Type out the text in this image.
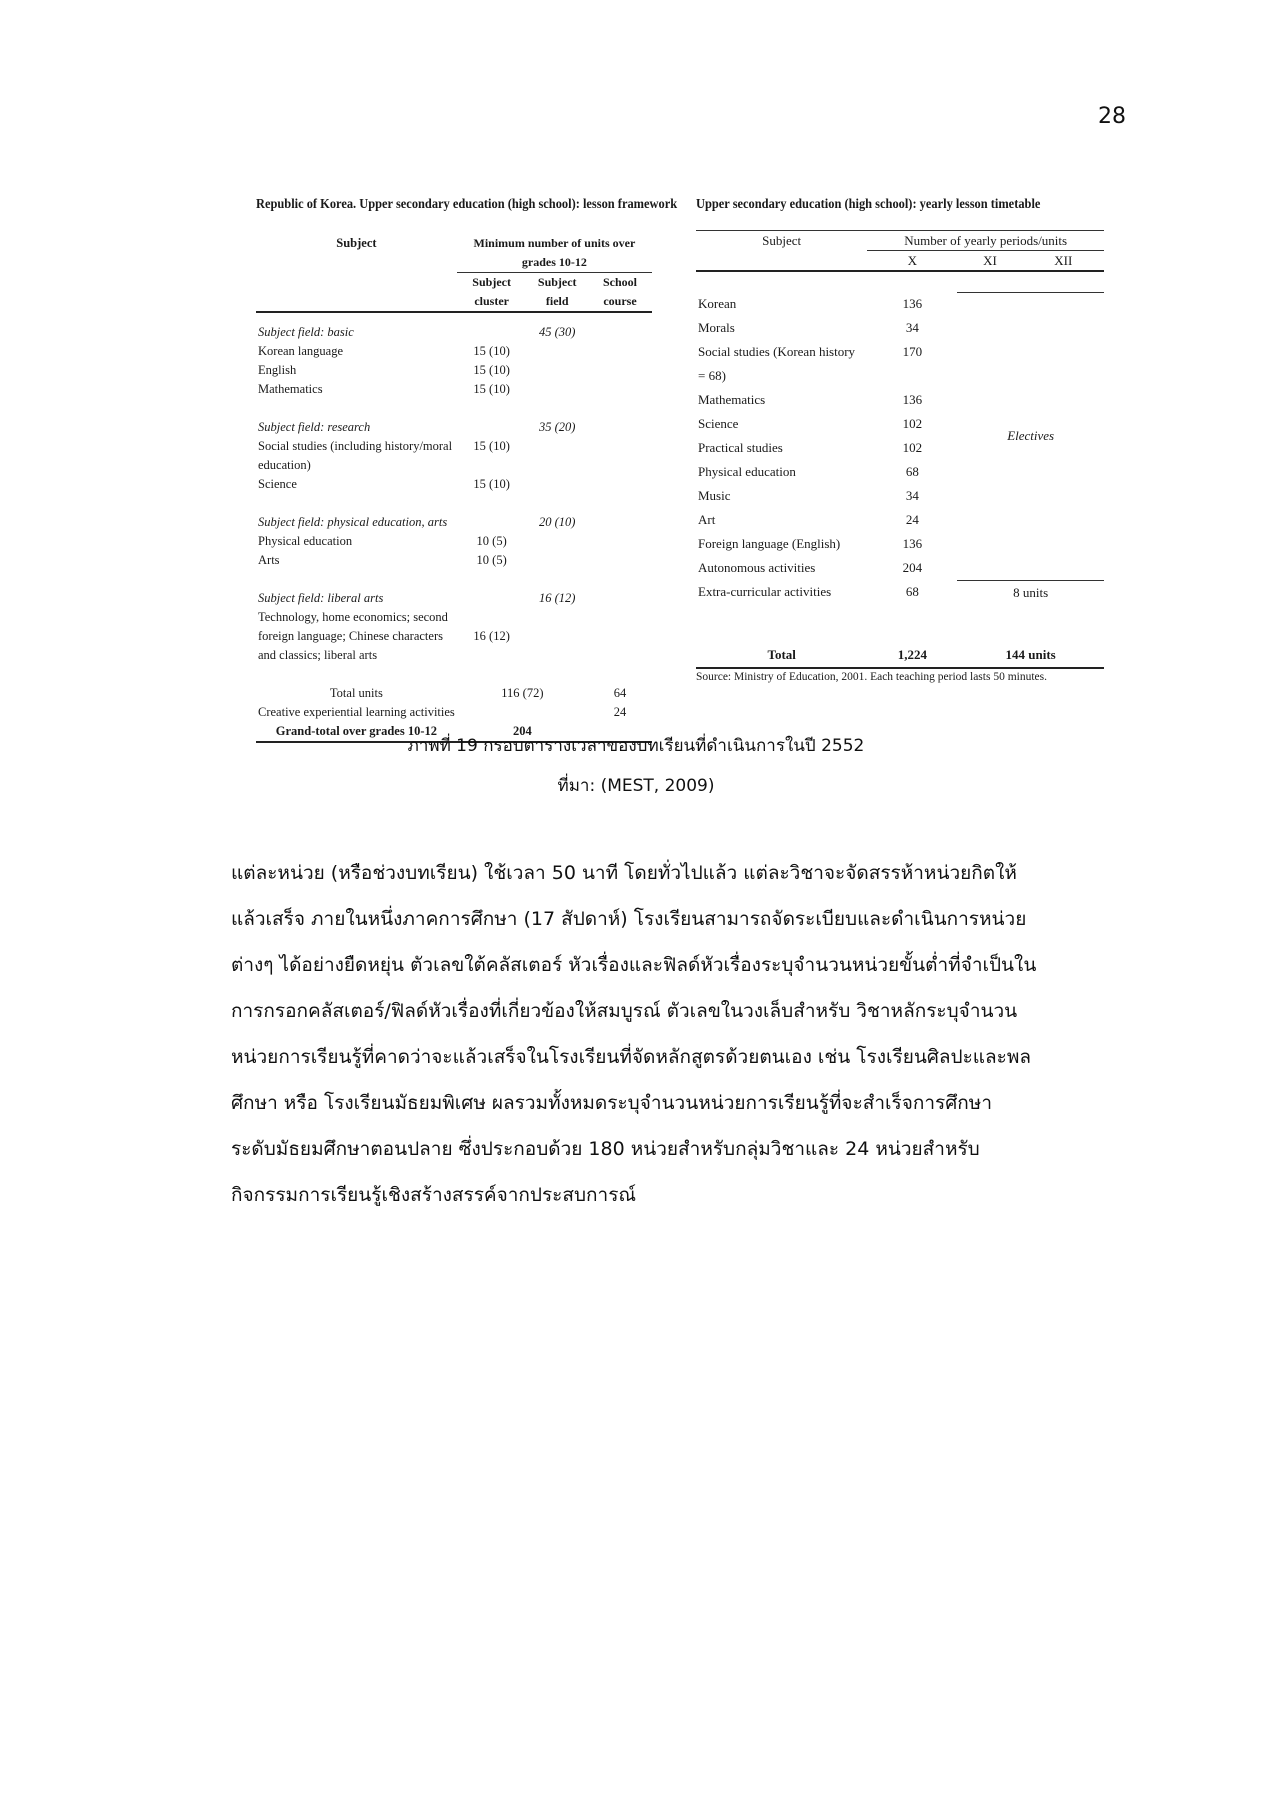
28
Republic of Korea. Upper secondary education (high school): lesson framework
Subject	Minimum number of units over grades 10-12		
	Subject cluster	Subject field	School course

Subject field: basic		45 (30)	
Korean language	15 (10)		
English	15 (10)		
Mathematics	15 (10)		

Subject field: research		35 (20)	
Social studies (including history/moral education)	15 (10)		
Science	15 (10)		

Subject field: physical education, arts		20 (10)	
Physical education	10 (5)		
Arts	10 (5)		

Subject field: liberal arts		16 (12)	
Technology, home economics; second foreign language; Chinese characters and classics; liberal arts	16 (12)		

Total units	116 (72)		64
Creative experiential learning activities			24
Grand-total over grades 10-12	204		
Upper secondary education (high school): yearly lesson timetable
Subject	Number of yearly periods/units		
	X	XI	XII

Korean	136	Electives	
Morals	34		
Social studies (Korean history = 68)	170		
Mathematics	136		
Science	102		
Practical studies	102		
Physical education	68		
Music	34		
Art	24		
Foreign language (English)	136		
Autonomous activities	204		
Extra-curricular activities	68	8 units	

Total	1,224	144 units	
Source: Ministry of Education, 2001. Each teaching period lasts 50 minutes.
ภาพที่ 19 กรอบตารางเวลาของบทเรียนที่ดำเนินการในปี 2552
ที่มา: (MEST, 2009)
แต่ละหน่วย (หรือช่วงบทเรียน) ใช้เวลา 50 นาที โดยทั่วไปแล้ว แต่ละวิชาจะจัดสรรห้าหน่วยกิตให้
แล้วเสร็จ ภายในหนึ่งภาคการศึกษา (17 สัปดาห์) โรงเรียนสามารถจัดระเบียบและดำเนินการหน่วย
ต่างๆ ได้อย่างยืดหยุ่น ตัวเลขใต้คลัสเตอร์ หัวเรื่องและฟิลด์หัวเรื่องระบุจำนวนหน่วยขั้นต่ำที่จำเป็นใน
การกรอกคลัสเตอร์/ฟิลด์หัวเรื่องที่เกี่ยวข้องให้สมบูรณ์ ตัวเลขในวงเล็บสำหรับ วิชาหลักระบุจำนวน
หน่วยการเรียนรู้ที่คาดว่าจะแล้วเสร็จในโรงเรียนที่จัดหลักสูตรด้วยตนเอง เช่น โรงเรียนศิลปะและพล
ศึกษา หรือ โรงเรียนมัธยมพิเศษ ผลรวมทั้งหมดระบุจำนวนหน่วยการเรียนรู้ที่จะสำเร็จการศึกษา
ระดับมัธยมศึกษาตอนปลาย ซึ่งประกอบด้วย 180 หน่วยสำหรับกลุ่มวิชาและ 24 หน่วยสำหรับ
กิจกรรมการเรียนรู้เชิงสร้างสรรค์จากประสบการณ์
